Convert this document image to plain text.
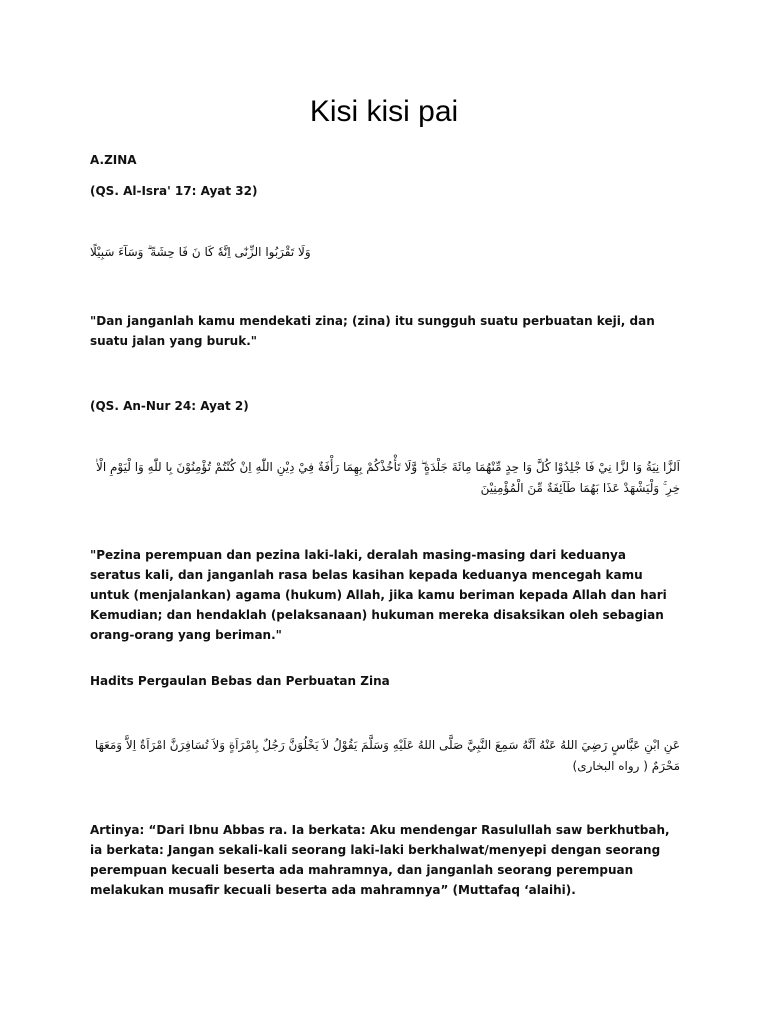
Kisi kisi pai

A.ZINA

(QS. Al-Isra' 17: Ayat 32)

وَلَا تَقْرَبُوا الزِّنٰٓى اِنَّهٗ كَا نَ فَا حِشَةً ۗ وَسَآءَ سَبِيْلًا

"Dan janganlah kamu mendekati zina; (zina) itu sungguh suatu perbuatan keji, dan suatu jalan yang buruk."

(QS. An-Nur 24: Ayat 2)

اَلزَّا نِيَةُ وَا لزَّا نِيْ فَا جْلِدُوْا كُلَّ وَا حِدٍ مِّنْهُمَا مِائَةَ جَلْدَةٍ ۖ وَّلَا تَأْخُذْكُمْ بِهِمَا رَأْفَةٌ فِيْ دِيْنِ اللّٰهِ اِنْ كُنْتُمْ تُؤْمِنُوْنَ بِا للّٰهِ وَا لْيَوْمِ الْاٰ خِرِ ۚ وَلْيَشْهَدْ عَذَا بَهُمَا طَآئِفَةٌ مِّنَ الْمُؤْمِنِيْنَ

"Pezina perempuan dan pezina laki-laki, deralah masing-masing dari keduanya seratus kali, dan janganlah rasa belas kasihan kepada keduanya mencegah kamu untuk (menjalankan) agama (hukum) Allah, jika kamu beriman kepada Allah dan hari Kemudian; dan hendaklah (pelaksanaan) hukuman mereka disaksikan oleh sebagian orang-orang yang beriman."

Hadits Pergaulan Bebas dan Perbuatan Zina

عَنِ ابْنِ عَبَّاسٍ رَضِيَ اللهُ عَنْهُ اَنَّهُ سَمِعَ النَّبِيَّ صَلَّى اللهُ عَلَيْهِ وَسَلَّمَ يَقُوْلُ لاَ يَخْلُوَنَّ رَجُلٌ بِامْرَاَةٍ وَلاَ تُسَافِرَنَّ امْرَاَةٌ اِلاَّ وَمَعَهَا مَحْرَمٌ ( رواه البخارى)

Artinya: “Dari Ibnu Abbas ra. Ia berkata: Aku mendengar Rasulullah saw berkhutbah, ia berkata: Jangan sekali-kali seorang laki-laki berkhalwat/menyepi dengan seorang perempuan kecuali beserta ada mahramnya, dan janganlah seorang perempuan melakukan musafir kecuali beserta ada mahramnya” (Muttafaq ‘alaihi).
